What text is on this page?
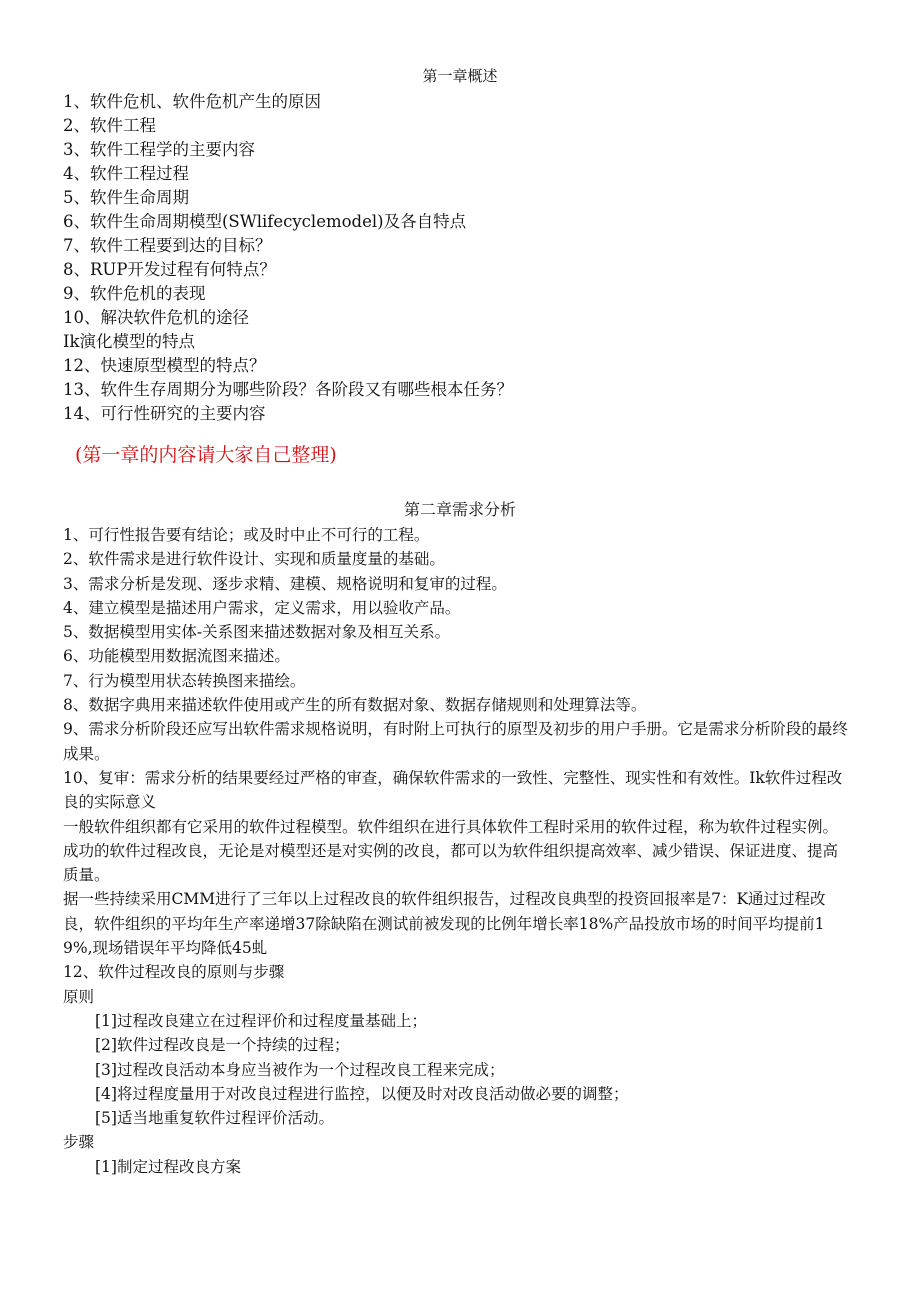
第一章概述
1、软件危机、软件危机产生的原因
2、软件工程
3、软件工程学的主要内容
4、软件工程过程
5、软件生命周期
6、软件生命周期模型(SWlifecyclemodel)及各自特点
7、软件工程要到达的目标？
8、RUP开发过程有何特点？
9、软件危机的表现
10、解决软件危机的途径
Ik演化模型的特点
12、快速原型模型的特点？
13、软件生存周期分为哪些阶段？各阶段又有哪些根本任务？
14、可行性研究的主要内容
(第一章的内容请大家自己整理)
第二章需求分析

1、可行性报告要有结论；或及时中止不可行的工程。

2、软件需求是进行软件设计、实现和质量度量的基础。

3、需求分析是发现、逐步求精、建模、规格说明和复审的过程。

4、建立模型是描述用户需求，定义需求，用以验收产品。

5、数据模型用实体-关系图来描述数据对象及相互关系。

6、功能模型用数据流图来描述。

7、行为模型用状态转换图来描绘。

8、数据字典用来描述软件使用或产生的所有数据对象、数据存储规则和处理算法等。

9、需求分析阶段还应写出软件需求规格说明，有时附上可执行的原型及初步的用户手册。它是需求分析阶段的最终成果。

10、复审：需求分析的结果要经过严格的审查，确保软件需求的一致性、完整性、现实性和有效性。Ik软件过程改良的实际意义

一般软件组织都有它采用的软件过程模型。软件组织在进行具体软件工程时采用的软件过程，称为软件过程实例。成功的软件过程改良，无论是对模型还是对实例的改良，都可以为软件组织提高效率、减少错误、保证进度、提高质量。

据一些持续采用CMM进行了三年以上过程改良的软件组织报告，过程改良典型的投资回报率是7：K通过过程改良，软件组织的平均年生产率递增37除缺陷在测试前被发现的比例年增长率18%产品投放市场的时间平均提前19%,现场错误年平均降低45虬

12、软件过程改良的原则与步骤

原则

[1]过程改良建立在过程评价和过程度量基础上；

[2]软件过程改良是一个持续的过程；

[3]过程改良活动本身应当被作为一个过程改良工程来完成；

[4]将过程度量用于对改良过程进行监控，以便及时对改良活动做必要的调整；

[5]适当地重复软件过程评价活动。

步骤

[1]制定过程改良方案
